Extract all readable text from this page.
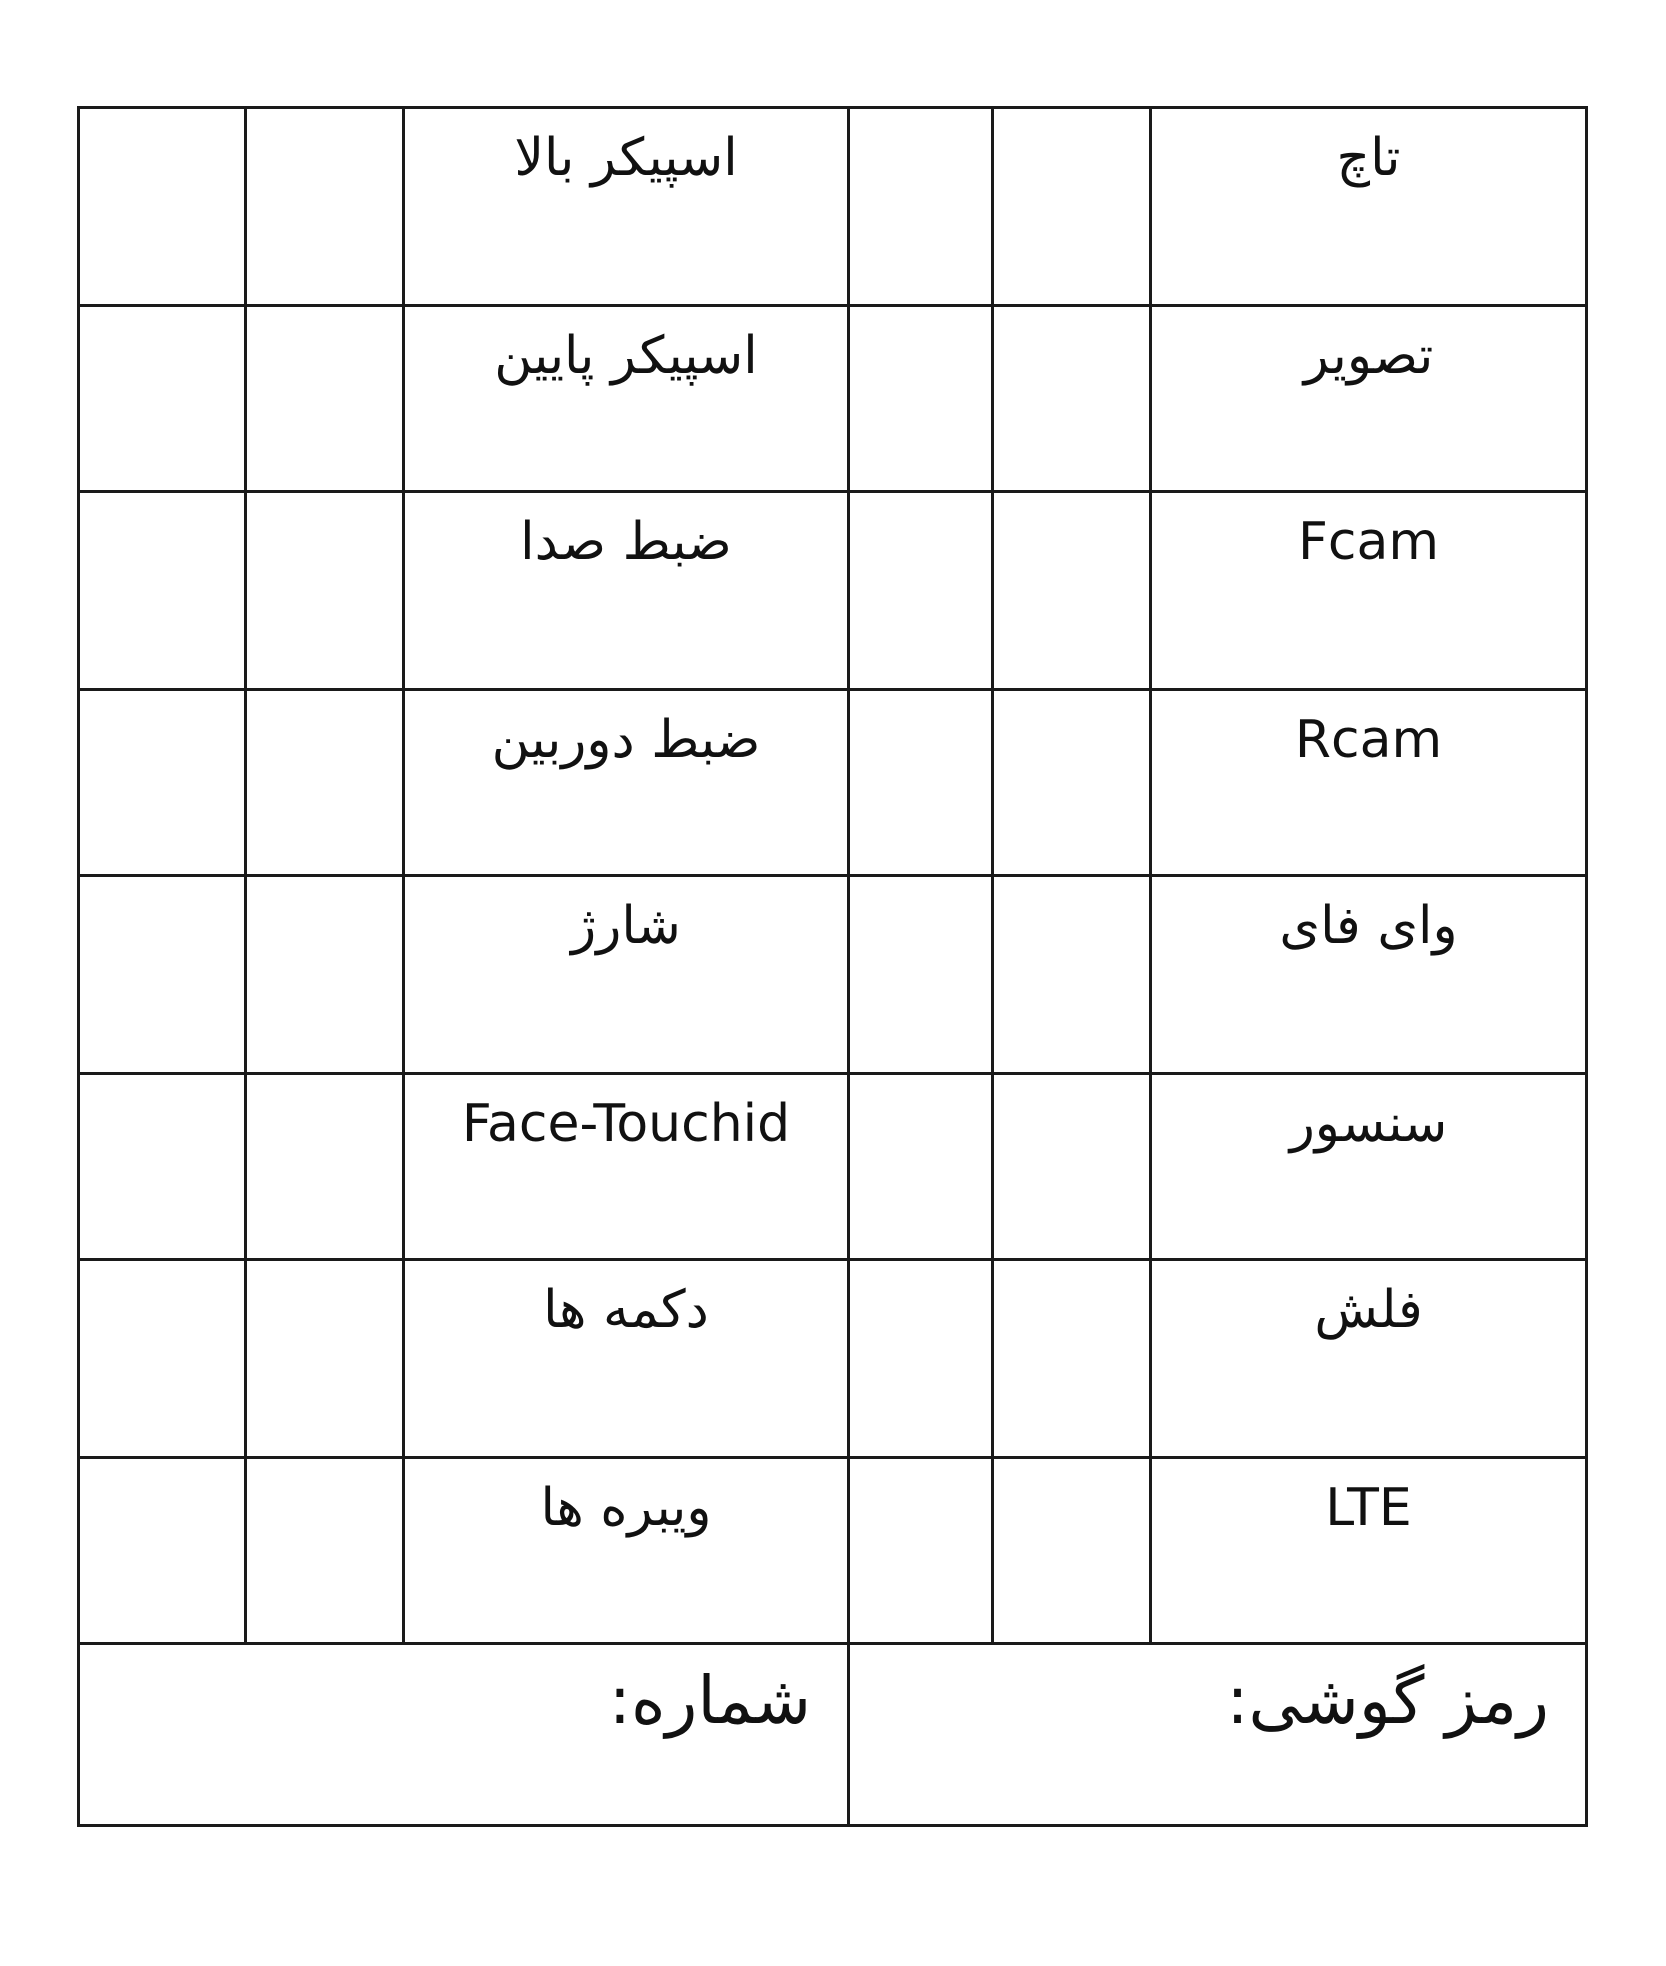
		اسپیکر بالا			تاچ

		اسپیکر پایین			تصویر

		ضبط صدا			Fcam

		ضبط دوربین			Rcam

		شارژ			وای فای

		Face-Touchid			سنسور

		دکمه ها			فلش

		ویبره ها			LTE

شماره:			رمز گوشی:		
